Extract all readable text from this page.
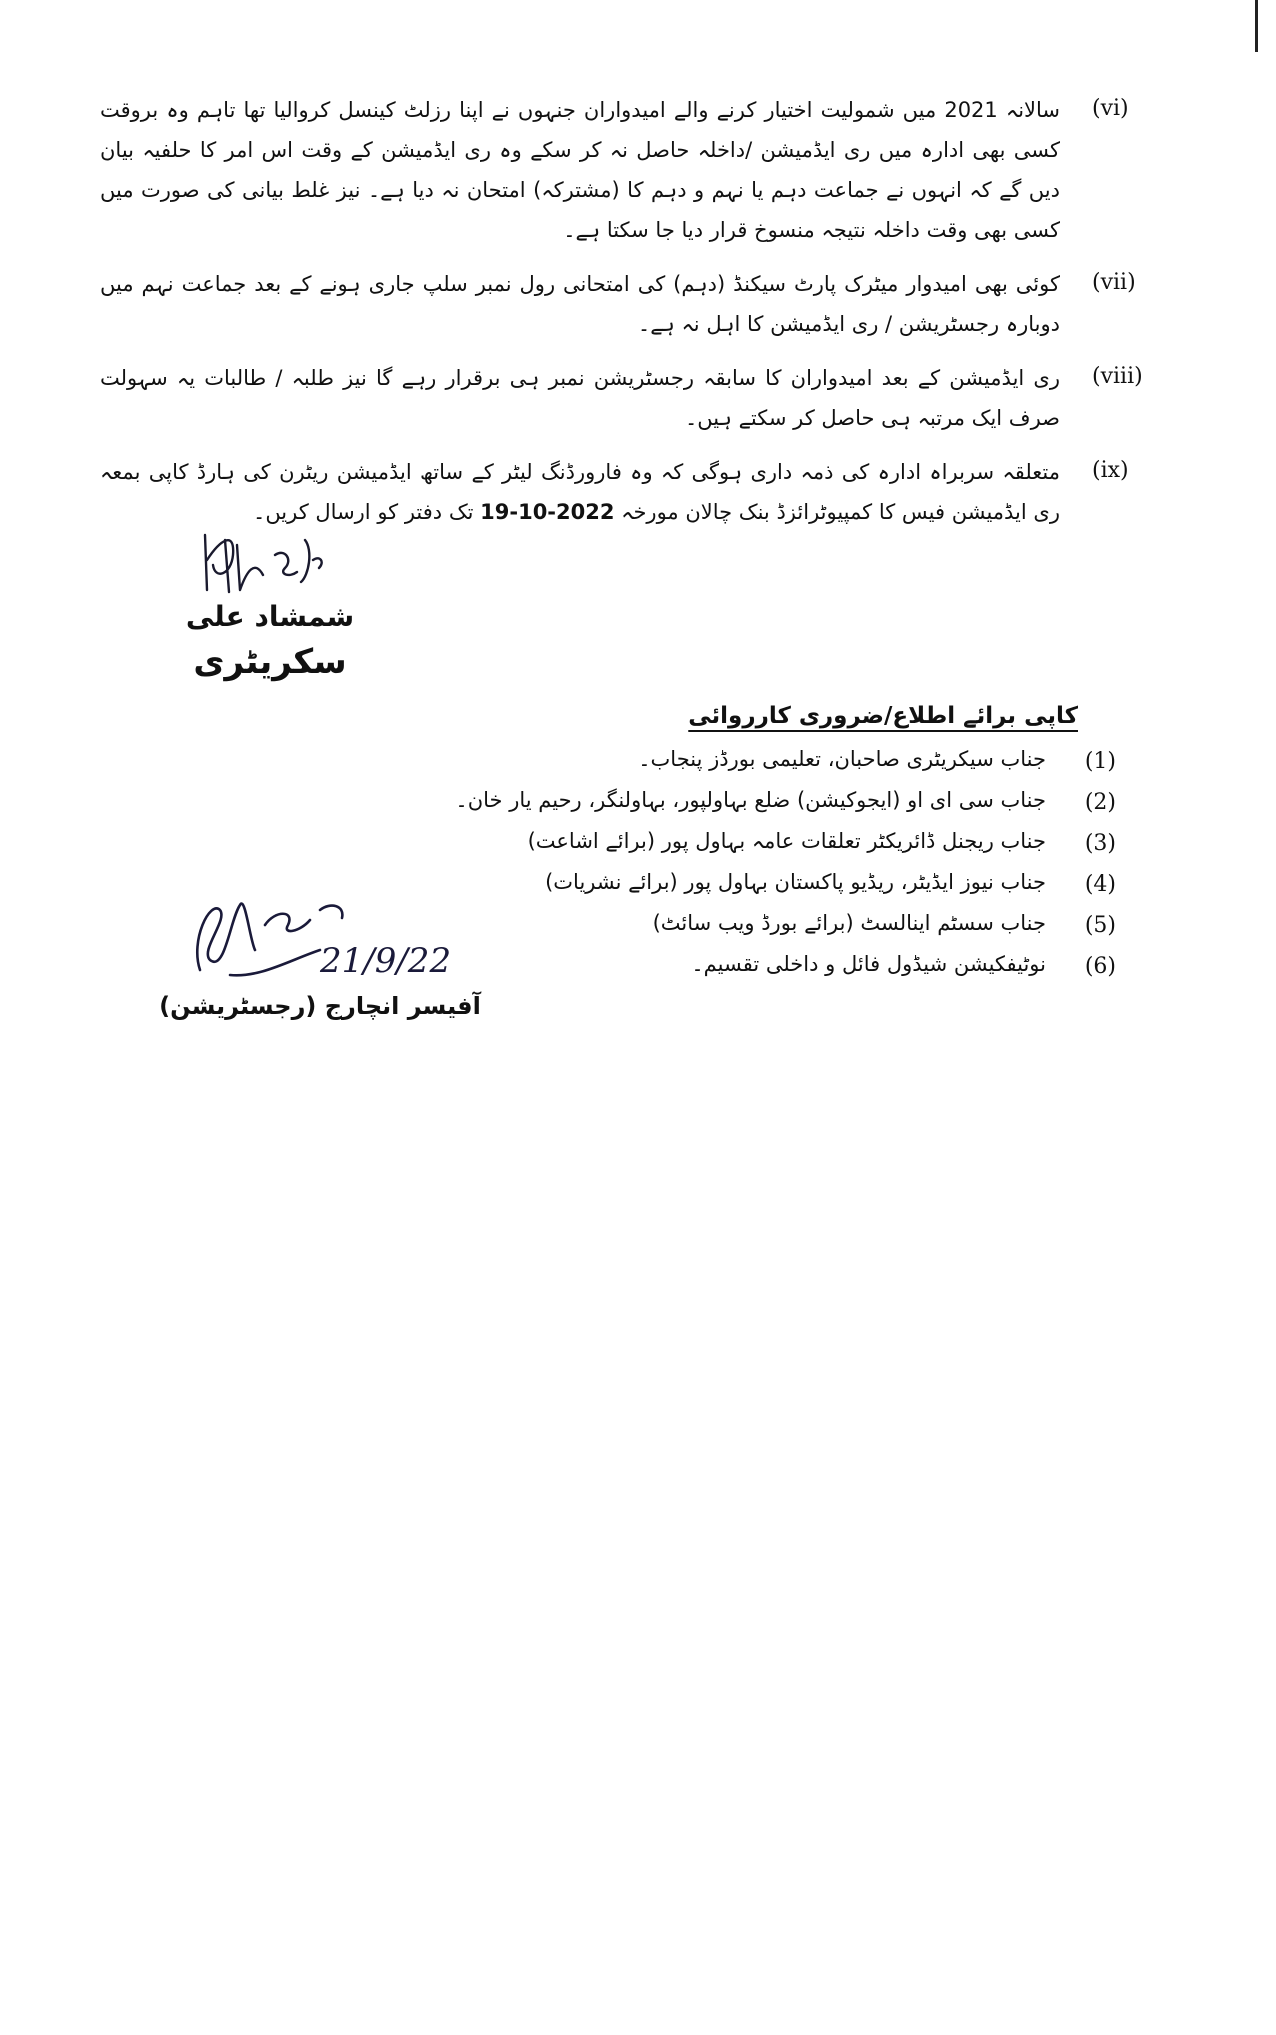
(vi)
سالانہ 2021 میں شمولیت اختیار کرنے والے امیدواران جنہوں نے اپنا رزلٹ کینسل کروالیا تھا تاہم وہ بروقت کسی بھی ادارہ میں ری ایڈمیشن /داخلہ حاصل نہ کر سکے وہ ری ایڈمیشن کے وقت اس امر کا حلفیہ بیان دیں گے کہ انہوں نے جماعت دہم یا نہم و دہم کا (مشترکہ) امتحان نہ دیا ہے۔ نیز غلط بیانی کی صورت میں کسی بھی وقت داخلہ نتیجہ منسوخ قرار دیا جا سکتا ہے۔
(vii)
کوئی بھی امیدوار میٹرک پارٹ سیکنڈ (دہم) کی امتحانی رول نمبر سلپ جاری ہونے کے بعد جماعت نہم میں دوبارہ رجسٹریشن / ری ایڈمیشن کا اہل نہ ہے۔
(viii)
ری ایڈمیشن کے بعد امیدواران کا سابقہ رجسٹریشن نمبر ہی برقرار رہے گا نیز طلبہ / طالبات یہ سہولت صرف ایک مرتبہ ہی حاصل کر سکتے ہیں۔
(ix)
متعلقہ سربراہ ادارہ کی ذمہ داری ہوگی کہ وہ فارورڈنگ لیٹر کے ساتھ ایڈمیشن ریٹرن کی ہارڈ کاپی بمعہ ری ایڈمیشن فیس کا کمپیوٹرائزڈ بنک چالان مورخہ 19-10-2022 تک دفتر کو ارسال کریں۔
شمشاد علی
سکریٹری
کاپی برائے اطلاع/ضروری کارروائی
(1)
جناب سیکریٹری صاحبان، تعلیمی بورڈز پنجاب۔
(2)
جناب سی ای او (ایجوکیشن) ضلع بہاولپور، بہاولنگر، رحیم یار خان۔
(3)
جناب ریجنل ڈائریکٹر تعلقات عامہ بہاول پور (برائے اشاعت)
(4)
جناب نیوز ایڈیٹر، ریڈیو پاکستان بہاول پور (برائے نشریات)
(5)
جناب سسٹم اینالسٹ (برائے بورڈ ویب سائٹ)
(6)
نوٹیفکیشن شیڈول فائل و داخلی تقسیم۔
21/9/22
آفیسر انچارج (رجسٹریشن)
